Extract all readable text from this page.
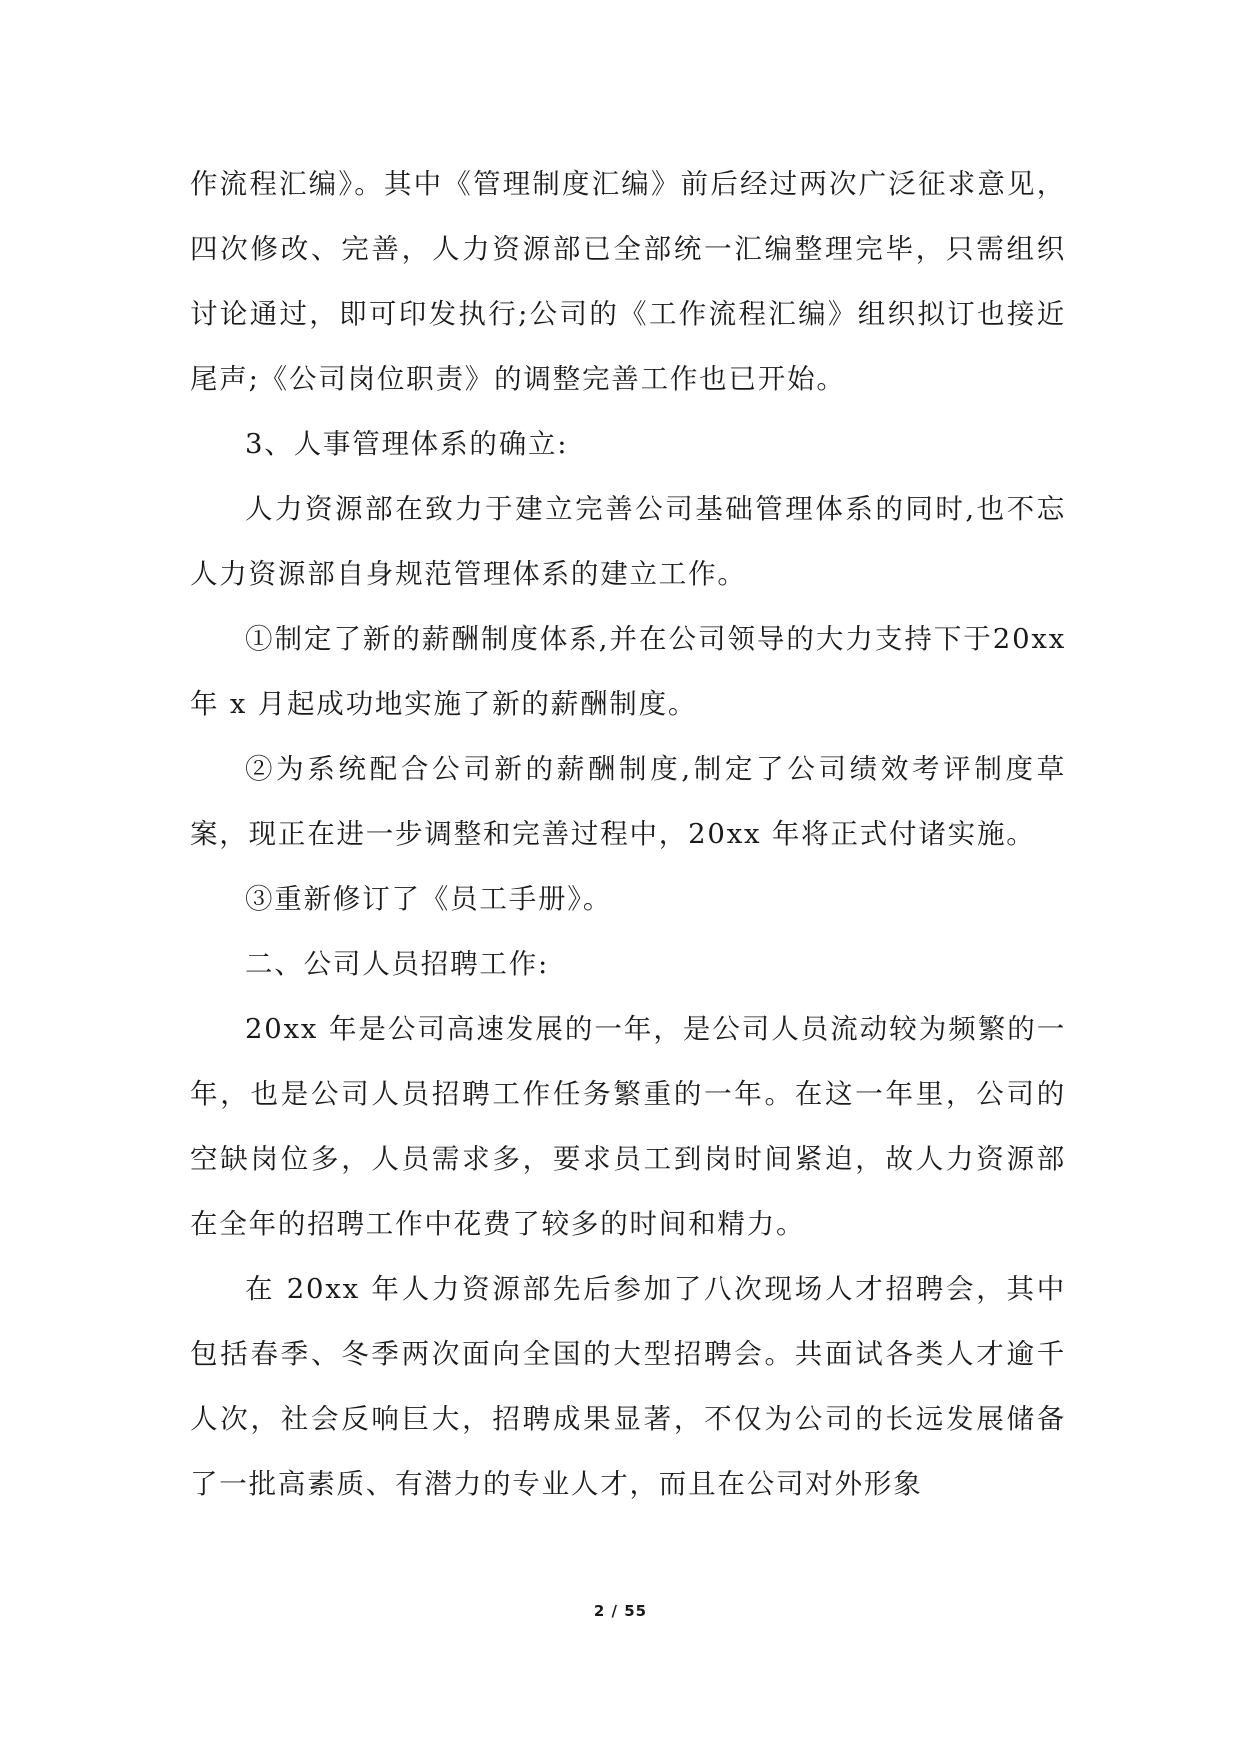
作流程汇编》。其中《管理制度汇编》前后经过两次广泛征求意见，四次修改、完善，人力资源部已全部统一汇编整理完毕，只需组织讨论通过，即可印发执行;公司的《工作流程汇编》组织拟订也接近尾声;《公司岗位职责》的调整完善工作也已开始。

3、人事管理体系的确立:

人力资源部在致力于建立完善公司基础管理体系的同时,也不忘人力资源部自身规范管理体系的建立工作。

①制定了新的薪酬制度体系,并在公司领导的大力支持下于20xx 年 x 月起成功地实施了新的薪酬制度。

②为系统配合公司新的薪酬制度,制定了公司绩效考评制度草案，现正在进一步调整和完善过程中，20xx 年将正式付诸实施。

③重新修订了《员工手册》。

二、公司人员招聘工作:

20xx 年是公司高速发展的一年，是公司人员流动较为频繁的一年，也是公司人员招聘工作任务繁重的一年。在这一年里，公司的空缺岗位多，人员需求多，要求员工到岗时间紧迫，故人力资源部在全年的招聘工作中花费了较多的时间和精力。

在 20xx 年人力资源部先后参加了八次现场人才招聘会，其中包括春季、冬季两次面向全国的大型招聘会。共面试各类人才逾千人次，社会反响巨大，招聘成果显著，不仅为公司的长远发展储备了一批高素质、有潜力的专业人才，而且在公司对外形象

2 / 55
